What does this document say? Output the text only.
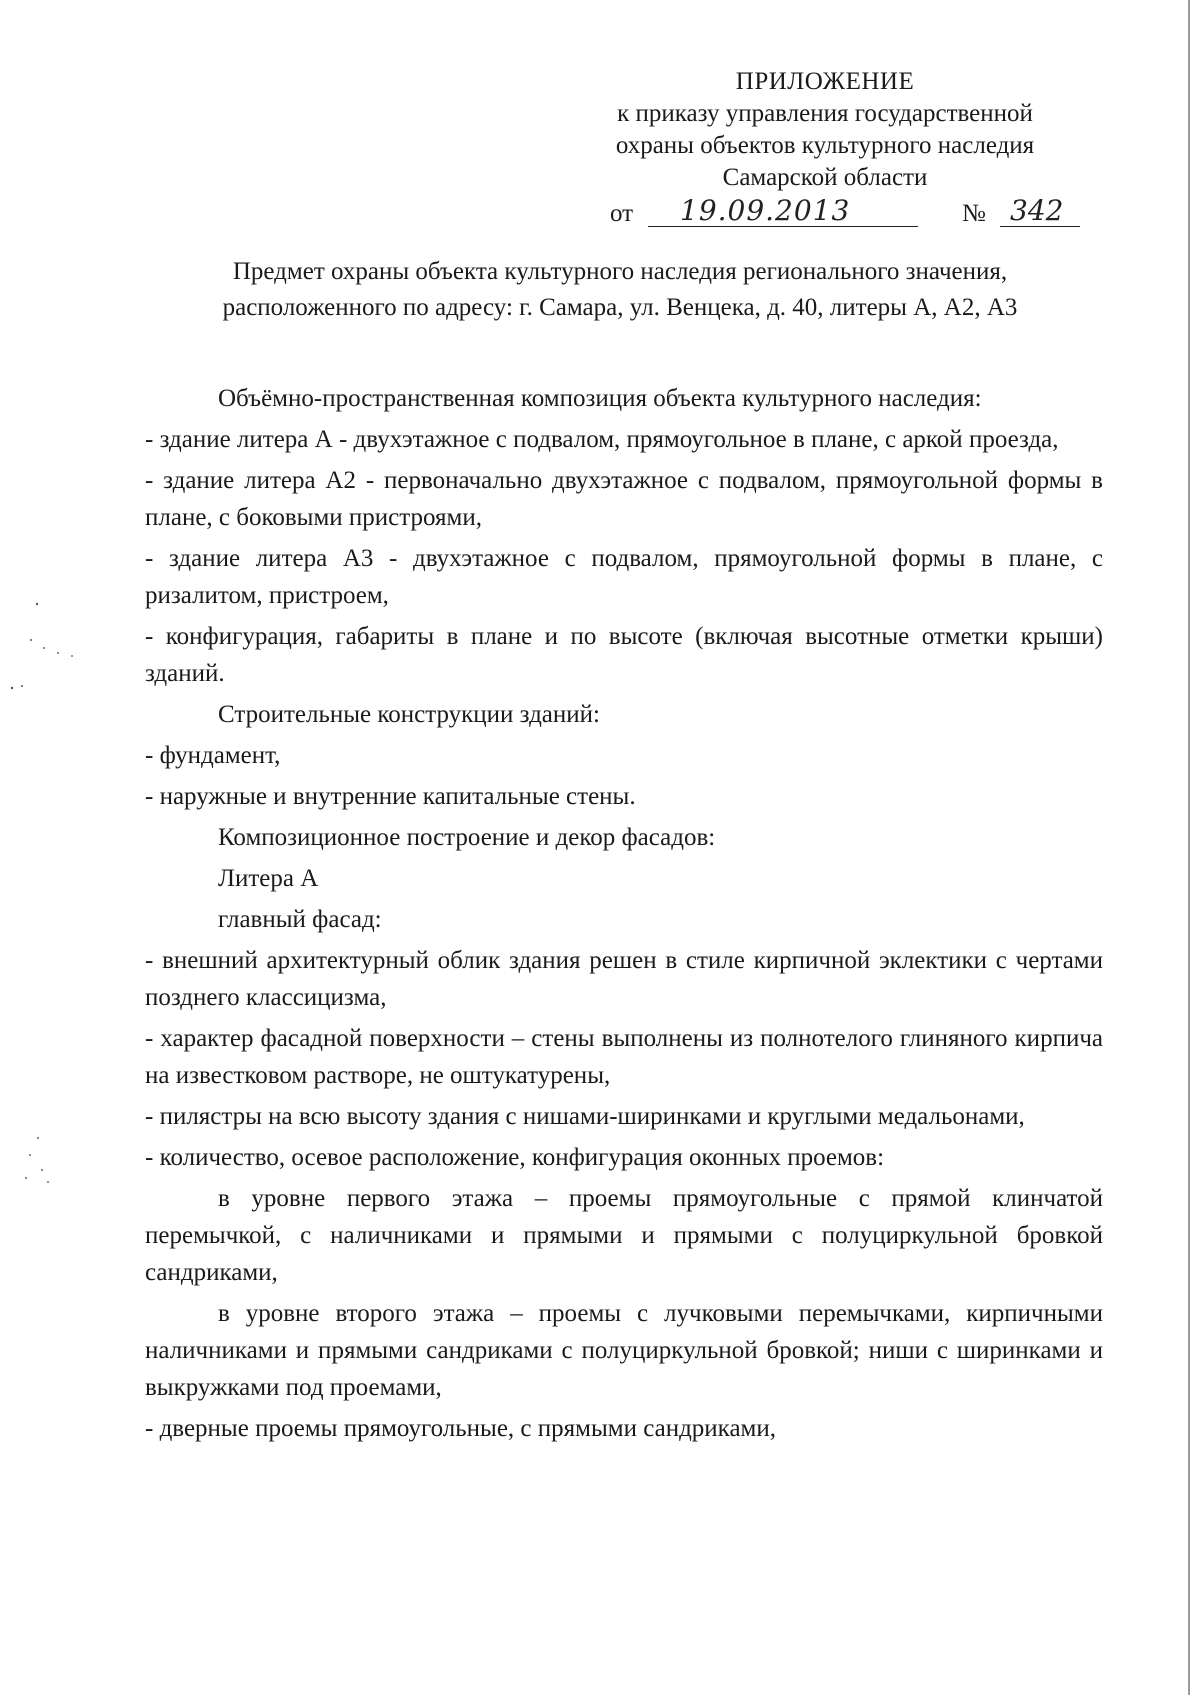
ПРИЛОЖЕНИЕ
к приказу управления государственной
охраны объектов культурного наследия
Самарской области
от 19.09.2013	№ 342
Предмет охраны объекта культурного наследия регионального значения,
расположенного по адресу: г. Самара, ул. Венцека, д. 40, литеры А, А2, А3

Объёмно-пространственная композиция объекта культурного наследия:

- здание литера А - двухэтажное с подвалом, прямоугольное в плане, с аркой проезда,

- здание литера А2 - первоначально двухэтажное с подвалом, прямоугольной формы в плане, с боковыми пристроями,

- здание литера А3 - двухэтажное с подвалом, прямоугольной формы в плане, с ризалитом, пристроем,

- конфигурация, габариты в плане и по высоте (включая высотные отметки крыши) зданий.

Строительные конструкции зданий:

- фундамент,

- наружные и внутренние капитальные стены.

Композиционное построение и декор фасадов:

Литера А

главный фасад:

- внешний архитектурный облик здания решен в стиле кирпичной эклектики с чертами позднего классицизма,

- характер фасадной поверхности – стены выполнены из полнотелого глиняного кирпича на известковом растворе, не оштукатурены,

- пилястры на всю высоту здания с нишами-ширинками и круглыми медальонами,

- количество, осевое расположение, конфигурация оконных проемов:

в уровне первого этажа – проемы прямоугольные с прямой клинчатой перемычкой, с наличниками и прямыми и прямыми с полуциркульной бровкой сандриками,

в уровне второго этажа – проемы с лучковыми перемычками, кирпичными наличниками и прямыми сандриками с полуциркульной бровкой; ниши с ширинками и выкружками под проемами,

- дверные проемы прямоугольные, с прямыми сандриками,
